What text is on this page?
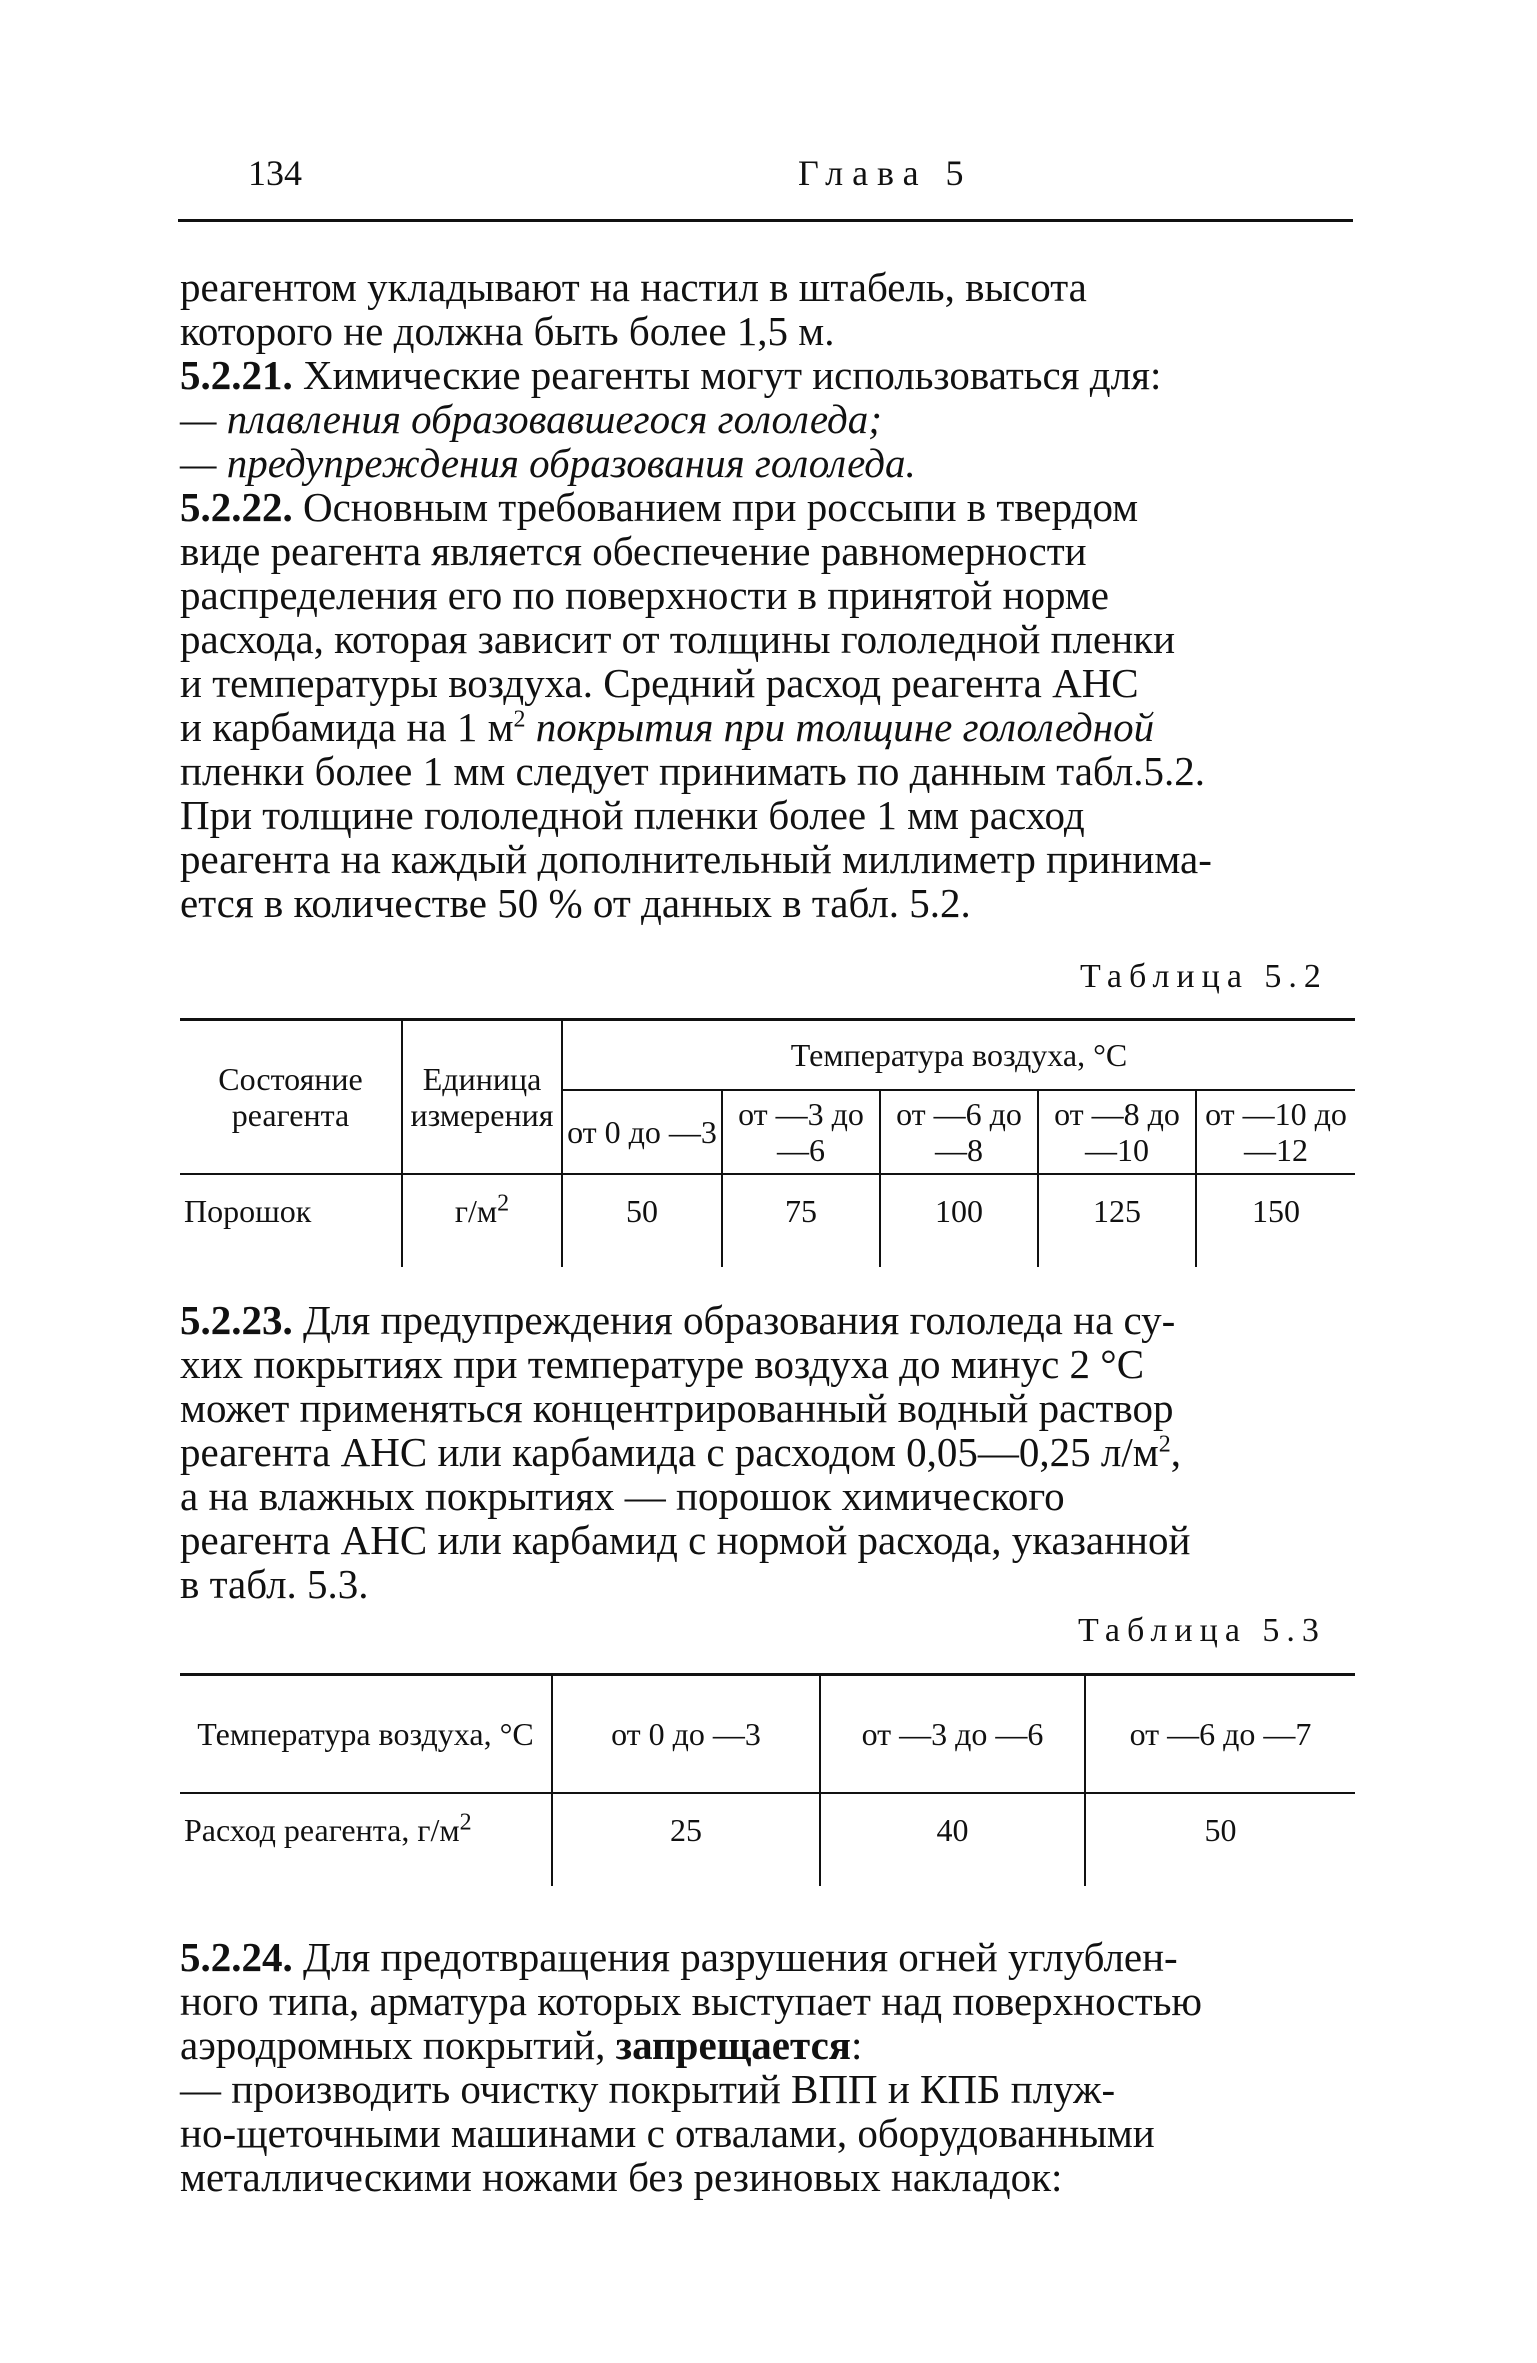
134	Глава 5

реагентом укладывают на настил в штабель, высота

которого не должна быть более 1,5 м.

5.2.21. Химические реагенты могут использоваться для:

— плавления образовавшегося гололеда;

— предупреждения образования гололеда.

5.2.22. Основным требованием при россыпи в твердом

виде реагента является обеспечение равномерности

распределения его по поверхности в принятой норме

расхода, которая зависит от толщины гололедной пленки

и температуры воздуха. Средний расход реагента АНС

и карбамида на 1 $м^2$ покрытия при толщине гололедной

пленки более 1 мм следует принимать по данным табл.5.2.

При толщине гололедной пленки более 1 мм расход

реагента на каждый дополнительный миллиметр принима-

ется в количестве 50 % от данных в табл. 5.2.

Таблица 5.2
Состояние реагента	Единица измерения	Температура воздуха, °С				
		от 0 до —3	от —3 до —6	от —6 до —8	от —8 до —10	от —10 до —12
Порошок	$г/м^2$	50	75	100	125	150

5.2.23. Для предупреждения образования гололеда на су-

хих покрытиях при температуре воздуха до минус 2 °С

может применяться концентрированный водный раствор

реагента АНС или карбамида с расходом 0,05—0,25 $л/м^2$,

а на влажных покрытиях — порошок химического

реагента АНС или карбамид с нормой расхода, указанной

в табл. 5.3.

Таблица 5.3
Температура воздуха, °С	от 0 до —3	от —3 до —6	от —6 до —7
Расход реагента, $г/м^2$	25	40	50

5.2.24. Для предотвращения разрушения огней углублен-

ного типа, арматура которых выступает над поверхностью

аэродромных покрытий, запрещается:

— производить очистку покрытий ВПП и КПБ плуж-

но-щеточными машинами с отвалами, оборудованными

металлическими ножами без резиновых накладок:
